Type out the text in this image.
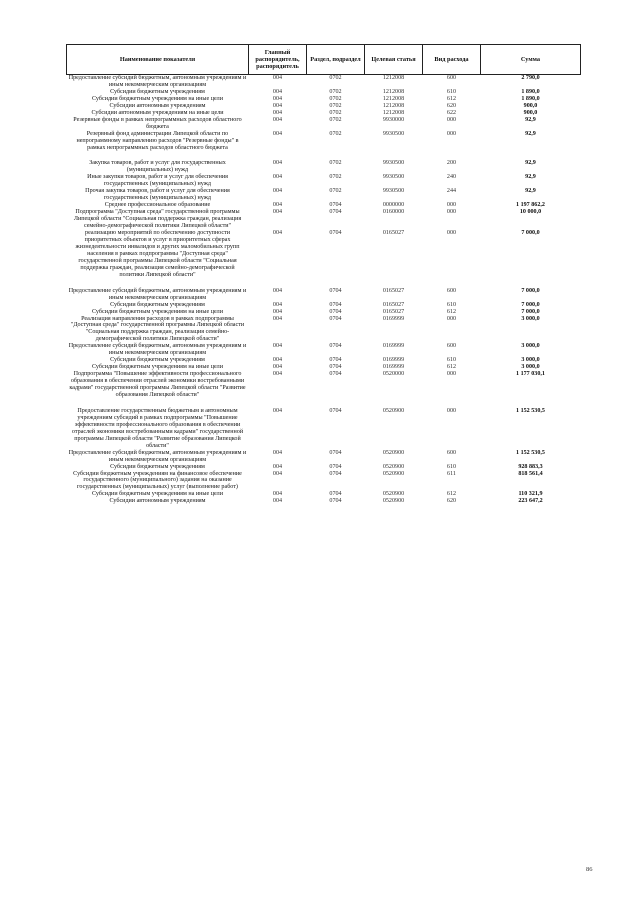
Наименование показателя	Главный распорядитель, распорядитель	Раздел, подраздел	Целевая статья	Вид расхода	Сумма
Предоставление субсидий бюджетным, автономным учреждениям и иным некоммерческим организациям	004	0702	1212008	600	2 790,0
Субсидии бюджетным учреждениям	004	0702	1212008	610	1 890,0
Субсидии бюджетным учреждениям на иные цели	004	0702	1212008	612	1 890,0
Субсидии автономным учреждениям	004	0702	1212008	620	900,0
Субсидии автономным учреждениям на иные цели	004	0702	1212008	622	900,0
Резервные фонды в рамках непрограммных расходов областного бюджета	004	0702	9930000	000	92,9
Резервный фонд администрации Липецкой области по непрограммному направлению расходов "Резервные фонды" в рамках непрограммных расходов областного бюджета	004	0702	9930500	000	92,9

Закупка товаров, работ и услуг для государственных (муниципальных) нужд	004	0702	9930500	200	92,9
Иные закупки товаров, работ и услуг для обеспечения государственных (муниципальных) нужд	004	0702	9930500	240	92,9
Прочая закупка товаров, работ и услуг для обеспечения государственных (муниципальных) нужд	004	0702	9930500	244	92,9
Среднее профессиональное образование	004	0704	0000000	000	1 197 862,2
Подпрограмма "Доступная среда" государственной программы Липецкой области "Социальная поддержка граждан, реализация семейно-демографической политики Липецкой области"	004	0704	0160000	000	10 000,0
реализацию мероприятий по обеспечению доступности приоритетных объектов и услуг в приоритетных сферах жизнедеятельности инвалидов и других маломобильных групп населения в рамках подпрограммы "Доступная среда" государственной программы Липецкой области "Социальная поддержка граждан, реализация семейно-демографической политики Липецкой области"	004	0704	0165027	000	7 000,0

Предоставление субсидий бюджетным, автономным учреждениям и иным некоммерческим организациям	004	0704	0165027	600	7 000,0
Субсидии бюджетным учреждениям	004	0704	0165027	610	7 000,0
Субсидии бюджетным учреждениям на иные цели	004	0704	0165027	612	7 000,0
Реализация направления расходов в рамках подпрограммы "Доступная среда" государственной программы Липецкой области "Социальная поддержка граждан, реализация семейно-демографической политики Липецкой области"	004	0704	0169999	000	3 000,0
Предоставление субсидий бюджетным, автономным учреждениям и иным некоммерческим организациям	004	0704	0169999	600	3 000,0
Субсидии бюджетным учреждениям	004	0704	0169999	610	3 000,0
Субсидии бюджетным учреждениям на иные цели	004	0704	0169999	612	3 000,0
Подпрограмма "Повышение эффективности профессионального образования в обеспечении отраслей экономики востребованными кадрами" государственной программы Липецкой области "Развитие образования Липецкой области"	004	0704	0520000	000	1 177 030,1

Предоставление государственным бюджетным и автономным учреждениям субсидий в рамках подпрограммы "Повышение эффективности профессионального образования в обеспечении отраслей экономики востребованными кадрами" государственной программы Липецкой области "Развитие образования Липецкой области"	004	0704	0520900	000	1 152 530,5
Предоставление субсидий бюджетным, автономным учреждениям и иным некоммерческим организациям	004	0704	0520900	600	1 152 530,5
Субсидии бюджетным учреждениям	004	0704	0520900	610	928 883,3
Субсидии бюджетным учреждениям на финансовое обеспечение государственного (муниципального) задания на оказание государственных (муниципальных) услуг (выполнение работ)	004	0704	0520900	611	818 561,4
Субсидии бюджетным учреждениям на иные цели	004	0704	0520900	612	110 321,9
Субсидии автономным учреждениям	004	0704	0520900	620	223 647,2
86
